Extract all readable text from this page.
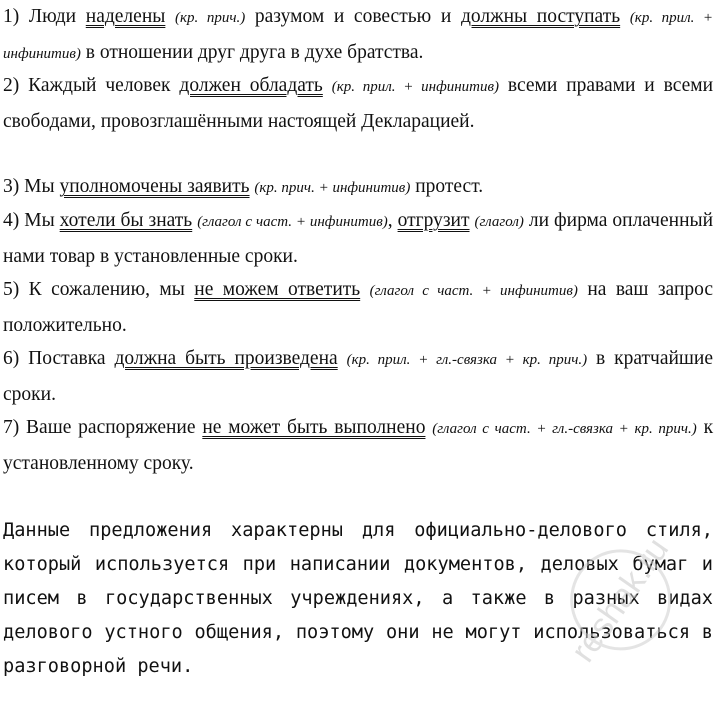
1) Люди наделены (кр. прич.) разумом и совестью и должны поступать (кр. прил. + инфинитив) в отношении друг друга в духе братства.

2) Каждый человек должен обладать (кр. прил. + инфинитив) всеми правами и всеми свободами, провозглашёнными настоящей Декларацией.

3) Мы уполномочены заявить (кр. прич. + инфинитив) протест.

4) Мы хотели бы знать (глагол с част. + инфинитив), отгрузит (глагол) ли фирма оплаченный нами товар в установленные сроки.

5) К сожалению, мы не можем ответить (глагол с част. + инфинитив) на ваш запрос положительно.

6) Поставка должна быть произведена (кр. прил. + гл.-связка + кр. прич.) в кратчайшие сроки.

7) Ваше распоряжение не может быть выполнено (глагол с част. + гл.-связка + кр. прич.) к установленному сроку.

Данные предложения характерны для официально-делового стиля, который используется при написании документов, деловых бумаг и писем в государственных учреждениях, а также в разных видах делового устного общения, поэтому они не могут использоваться в разговорной речи.	reshak.ru
